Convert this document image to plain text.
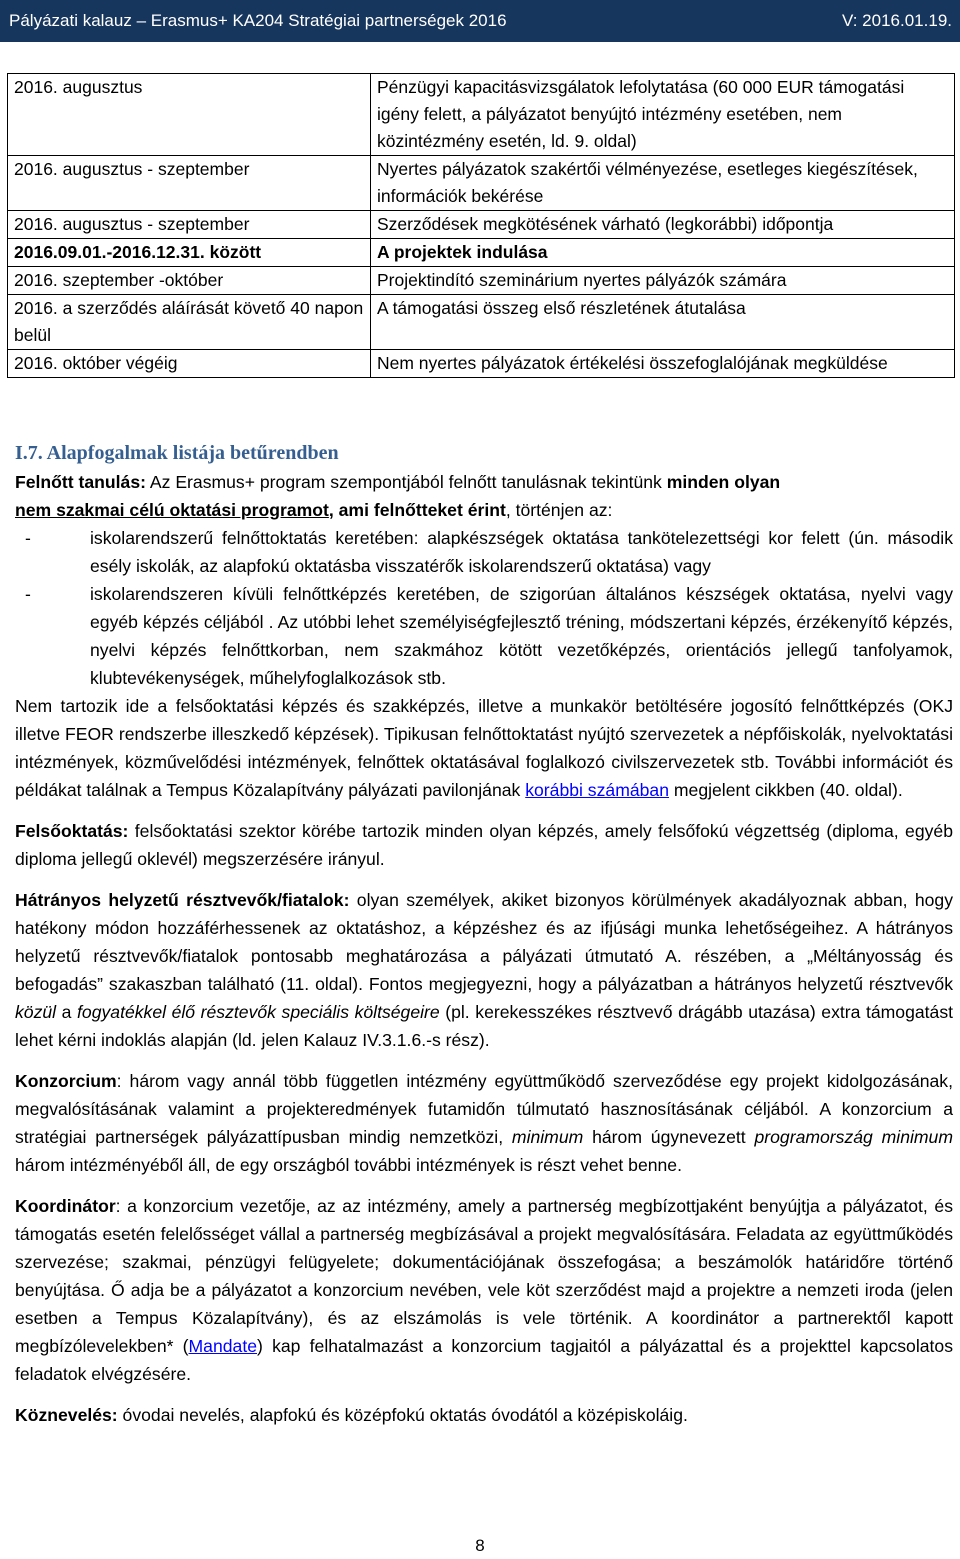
Pályázati kalauz – Erasmus+ KA204 Stratégiai partnerségek 2016	V: 2016.01.19.
2016. augusztus	Pénzügyi kapacitásvizsgálatok lefolytatása (60 000 EUR támogatási igény felett, a pályázatot benyújtó intézmény esetében, nem közintézmény esetén, ld. 9. oldal)
2016. augusztus - szeptember	Nyertes pályázatok szakértői vélményezése, esetleges kiegészítések, információk bekérése
2016. augusztus - szeptember	Szerződések megkötésének várható (legkorábbi) időpontja
2016.09.01.-2016.12.31. között	A projektek indulása
2016. szeptember -október	Projektindító szeminárium nyertes pályázók számára
2016. a szerződés aláírását követő 40 napon belül	A támogatási összeg első részletének átutalása
2016. október végéig	Nem nyertes pályázatok értékelési összefoglalójának megküldése
I.7. Alapfogalmak listája betűrendben

Felnőtt tanulás: Az Erasmus+ program szempontjából felnőtt tanulásnak tekintünk minden olyan
nem szakmai célú oktatási programot, ami felnőtteket érint, történjen az:

-	iskolarendszerű felnőttoktatás keretében: alapkészségek oktatása tankötelezettségi kor felett (ún. második esély iskolák, az alapfokú oktatásba visszatérők iskolarendszerű oktatása) vagy
-	iskolarendszeren kívüli felnőttképzés keretében, de szigorúan általános készségek oktatása, nyelvi vagy egyéb képzés céljából . Az utóbbi lehet személyiségfejlesztő tréning, módszertani képzés, érzékenyítő képzés, nyelvi képzés felnőttkorban, nem szakmához kötött vezetőképzés, orientációs jellegű tanfolyamok, klubtevékenységek, műhelyfoglalkozások stb.

Nem tartozik ide a felsőoktatási képzés és szakképzés, illetve a munkakör betöltésére jogosító felnőttképzés (OKJ illetve FEOR rendszerbe illeszkedő képzések). Tipikusan felnőttoktatást nyújtó szervezetek a népfőiskolák, nyelvoktatási intézmények, közművelődési intézmények, felnőttek oktatásával foglalkozó civilszervezetek stb. További információt és példákat találnak a Tempus Közalapítvány pályázati pavilonjának korábbi számában megjelent cikkben (40. oldal).

Felsőoktatás: felsőoktatási szektor körébe tartozik minden olyan képzés, amely felsőfokú végzettség (diploma, egyéb diploma jellegű oklevél) megszerzésére irányul.

Hátrányos helyzetű résztvevők/fiatalok: olyan személyek, akiket bizonyos körülmények akadályoznak abban, hogy hatékony módon hozzáférhessenek az oktatáshoz, a képzéshez és az ifjúsági munka lehetőségeihez. A hátrányos helyzetű résztvevők/fiatalok pontosabb meghatározása a pályázati útmutató A. részében, a „Méltányosság és befogadás” szakaszban található (11. oldal). Fontos megjegyezni, hogy a pályázatban a hátrányos helyzetű résztvevők közül a fogyatékkel élő résztevők speciális költségeire (pl. kerekesszékes résztvevő drágább utazása) extra támogatást lehet kérni indoklás alapján (ld. jelen Kalauz IV.3.1.6.-s rész).

Konzorcium: három vagy annál több független intézmény együttműködő szerveződése egy projekt kidolgozásának, megvalósításának valamint a projekteredmények futamidőn túlmutató hasznosításának céljából. A konzorcium a stratégiai partnerségek pályázattípusban mindig nemzetközi, minimum három úgynevezett programország minimum három intézményéből áll, de egy országból további intézmények is részt vehet benne.

Koordinátor: a konzorcium vezetője, az az intézmény, amely a partnerség megbízottjaként benyújtja a pályázatot, és támogatás esetén felelősséget vállal a partnerség megbízásával a projekt megvalósítására. Feladata az együttműködés szervezése; szakmai, pénzügyi felügyelete; dokumentációjának összefogása; a beszámolók határidőre történő benyújtása. Ő adja be a pályázatot a konzorcium nevében, vele köt szerződést majd a projektre a nemzeti iroda (jelen esetben a Tempus Közalapítvány), és az elszámolás is vele történik. A koordinátor a partnerektől kapott megbízólevelekben* (Mandate) kap felhatalmazást a konzorcium tagjaitól a pályázattal és a projekttel kapcsolatos feladatok elvégzésére.

Köznevelés: óvodai nevelés, alapfokú és középfokú oktatás óvodától a középiskoláig.

8
